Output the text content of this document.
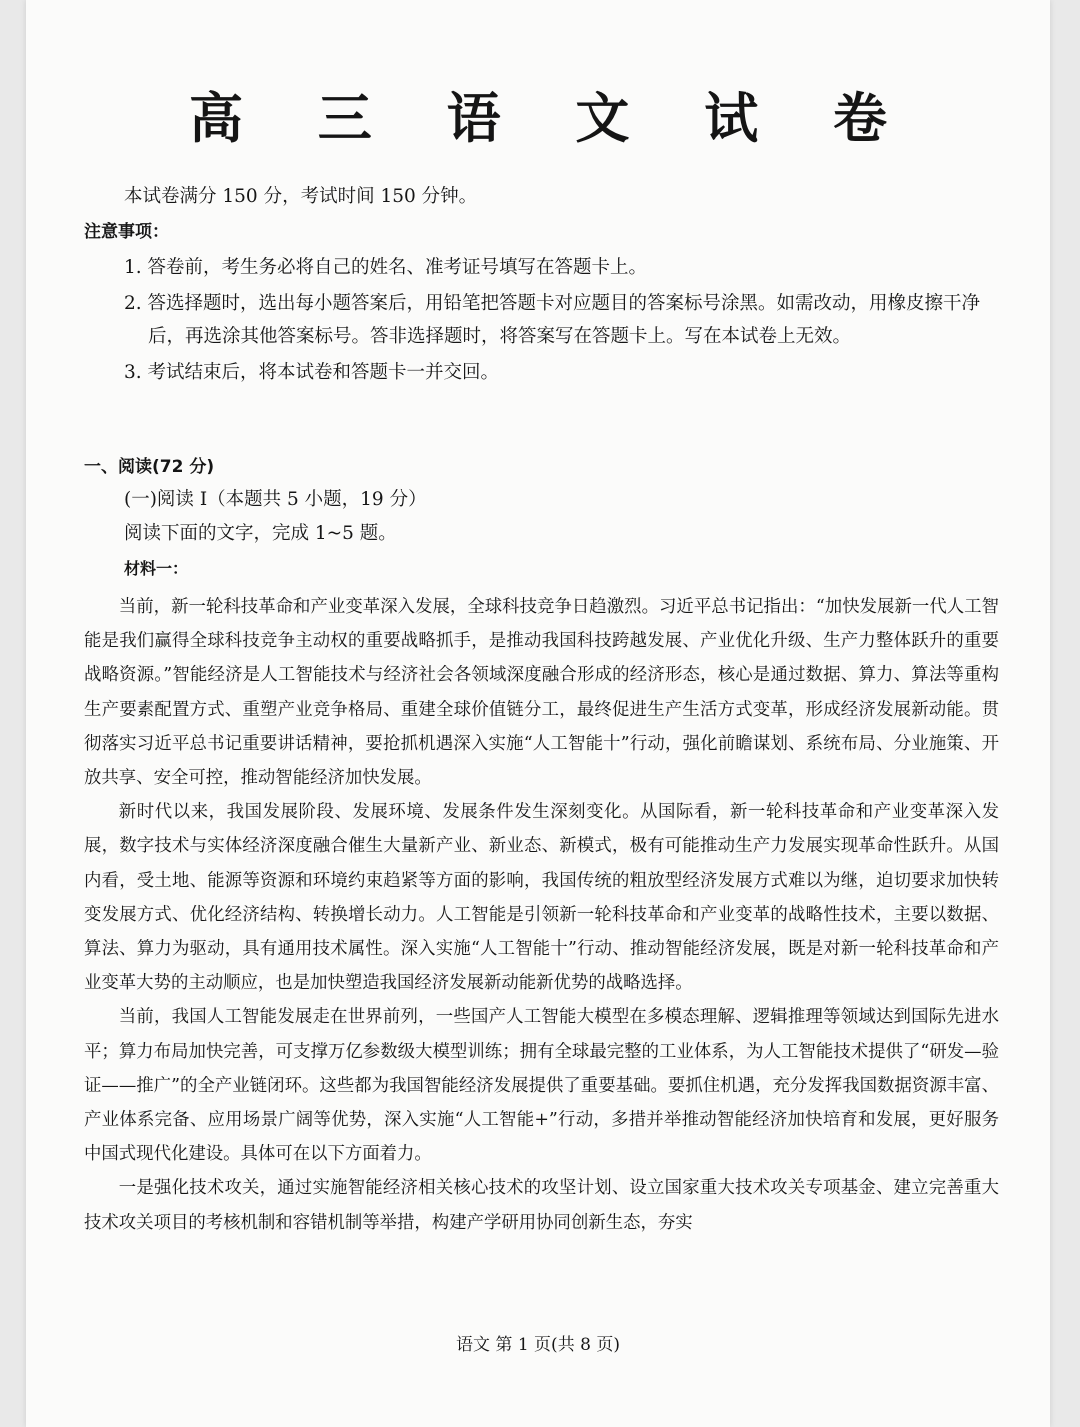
高 三 语 文 试 卷
本试卷满分 150 分，考试时间 150 分钟。
注意事项：
1. 答卷前，考生务必将自己的姓名、准考证号填写在答题卡上。
2. 答选择题时，选出每小题答案后，用铅笔把答题卡对应题目的答案标号涂黑。如需改动，用橡皮擦干净后，再选涂其他答案标号。答非选择题时，将答案写在答题卡上。写在本试卷上无效。
3. 考试结束后，将本试卷和答题卡一并交回。
一、阅读(72 分)
(一)阅读 I（本题共 5 小题，19 分）
阅读下面的文字，完成 1~5 题。
材料一：

当前，新一轮科技革命和产业变革深入发展，全球科技竞争日趋激烈。习近平总书记指出：“加快发展新一代人工智能是我们赢得全球科技竞争主动权的重要战略抓手，是推动我国科技跨越发展、产业优化升级、生产力整体跃升的重要战略资源。”智能经济是人工智能技术与经济社会各领域深度融合形成的经济形态，核心是通过数据、算力、算法等重构生产要素配置方式、重塑产业竞争格局、重建全球价值链分工，最终促进生产生活方式变革，形成经济发展新动能。贯彻落实习近平总书记重要讲话精神，要抢抓机遇深入实施“人工智能十”行动，强化前瞻谋划、系统布局、分业施策、开放共享、安全可控，推动智能经济加快发展。

新时代以来，我国发展阶段、发展环境、发展条件发生深刻变化。从国际看，新一轮科技革命和产业变革深入发展，数字技术与实体经济深度融合催生大量新产业、新业态、新模式，极有可能推动生产力发展实现革命性跃升。从国内看，受土地、能源等资源和环境约束趋紧等方面的影响，我国传统的粗放型经济发展方式难以为继，迫切要求加快转变发展方式、优化经济结构、转换增长动力。人工智能是引领新一轮科技革命和产业变革的战略性技术，主要以数据、算法、算力为驱动，具有通用技术属性。深入实施“人工智能十”行动、推动智能经济发展，既是对新一轮科技革命和产业变革大势的主动顺应，也是加快塑造我国经济发展新动能新优势的战略选择。

当前，我国人工智能发展走在世界前列，一些国产人工智能大模型在多模态理解、逻辑推理等领域达到国际先进水平；算力布局加快完善，可支撑万亿参数级大模型训练；拥有全球最完整的工业体系，为人工智能技术提供了“研发—验证——推广”的全产业链闭环。这些都为我国智能经济发展提供了重要基础。要抓住机遇，充分发挥我国数据资源丰富、产业体系完备、应用场景广阔等优势，深入实施“人工智能+”行动，多措并举推动智能经济加快培育和发展，更好服务中国式现代化建设。具体可在以下方面着力。

一是强化技术攻关，通过实施智能经济相关核心技术的攻坚计划、设立国家重大技术攻关专项基金、建立完善重大技术攻关项目的考核机制和容错机制等举措，构建产学研用协同创新生态，夯实

语文 第 1 页(共 8 页)
